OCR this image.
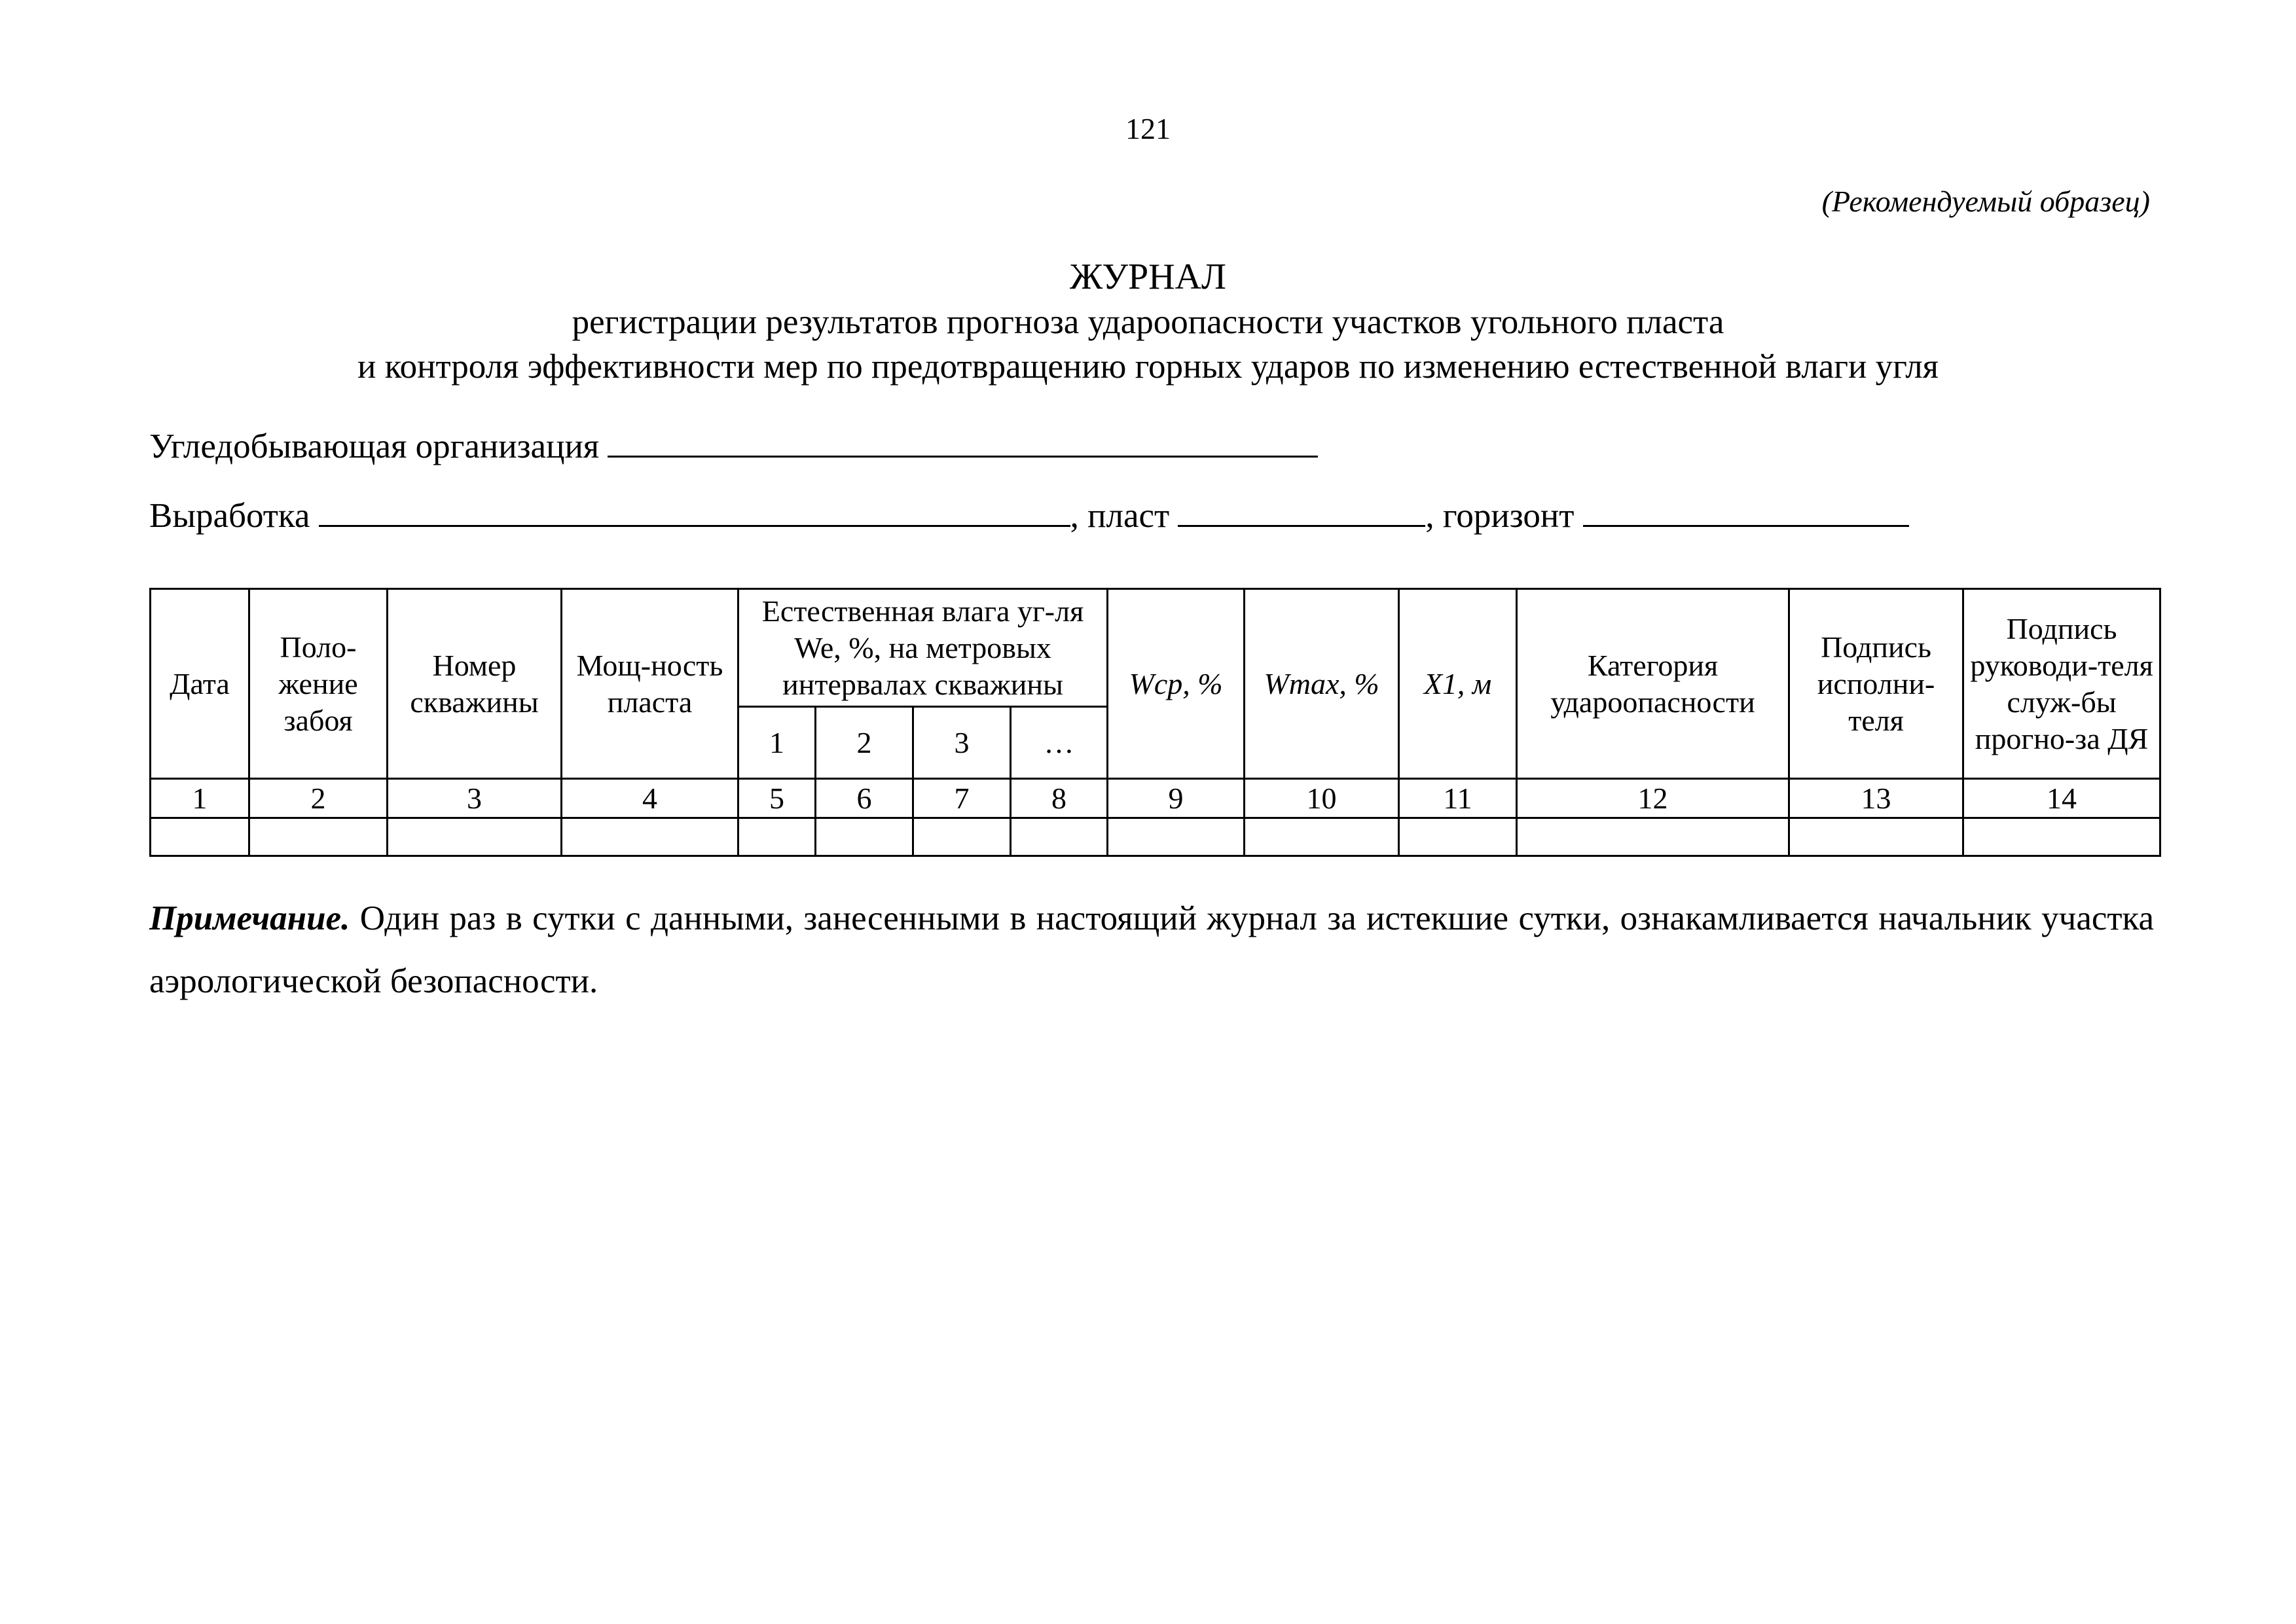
121
(Рекомендуемый образец)
ЖУРНАЛ
регистрации результатов прогноза удароопасности участков угольного пласта
и контроля эффективности мер по предотвращению горных ударов по изменению естественной влаги угля
Угледобывающая организация
Выработка	, пласт	, горизонт
Дата	Поло-жение забоя	Номер скважины	Мощ-ность пласта	Естественная влага уг-ля We, %, на метровых интервалах скважины				Wср, %	Wmax, %	X1, м	Категория удароопасности	Подпись исполни-теля	Подпись руководи-теля служ-бы прогно-за ДЯ
				1	2	3	…						
1	2	3	4	5	6	7	8	9	10	11	12	13	14

Примечание. Один раз в сутки с данными, занесенными в настоящий журнал за истекшие сутки, ознакамливается начальник участка аэрологической безопасности.
